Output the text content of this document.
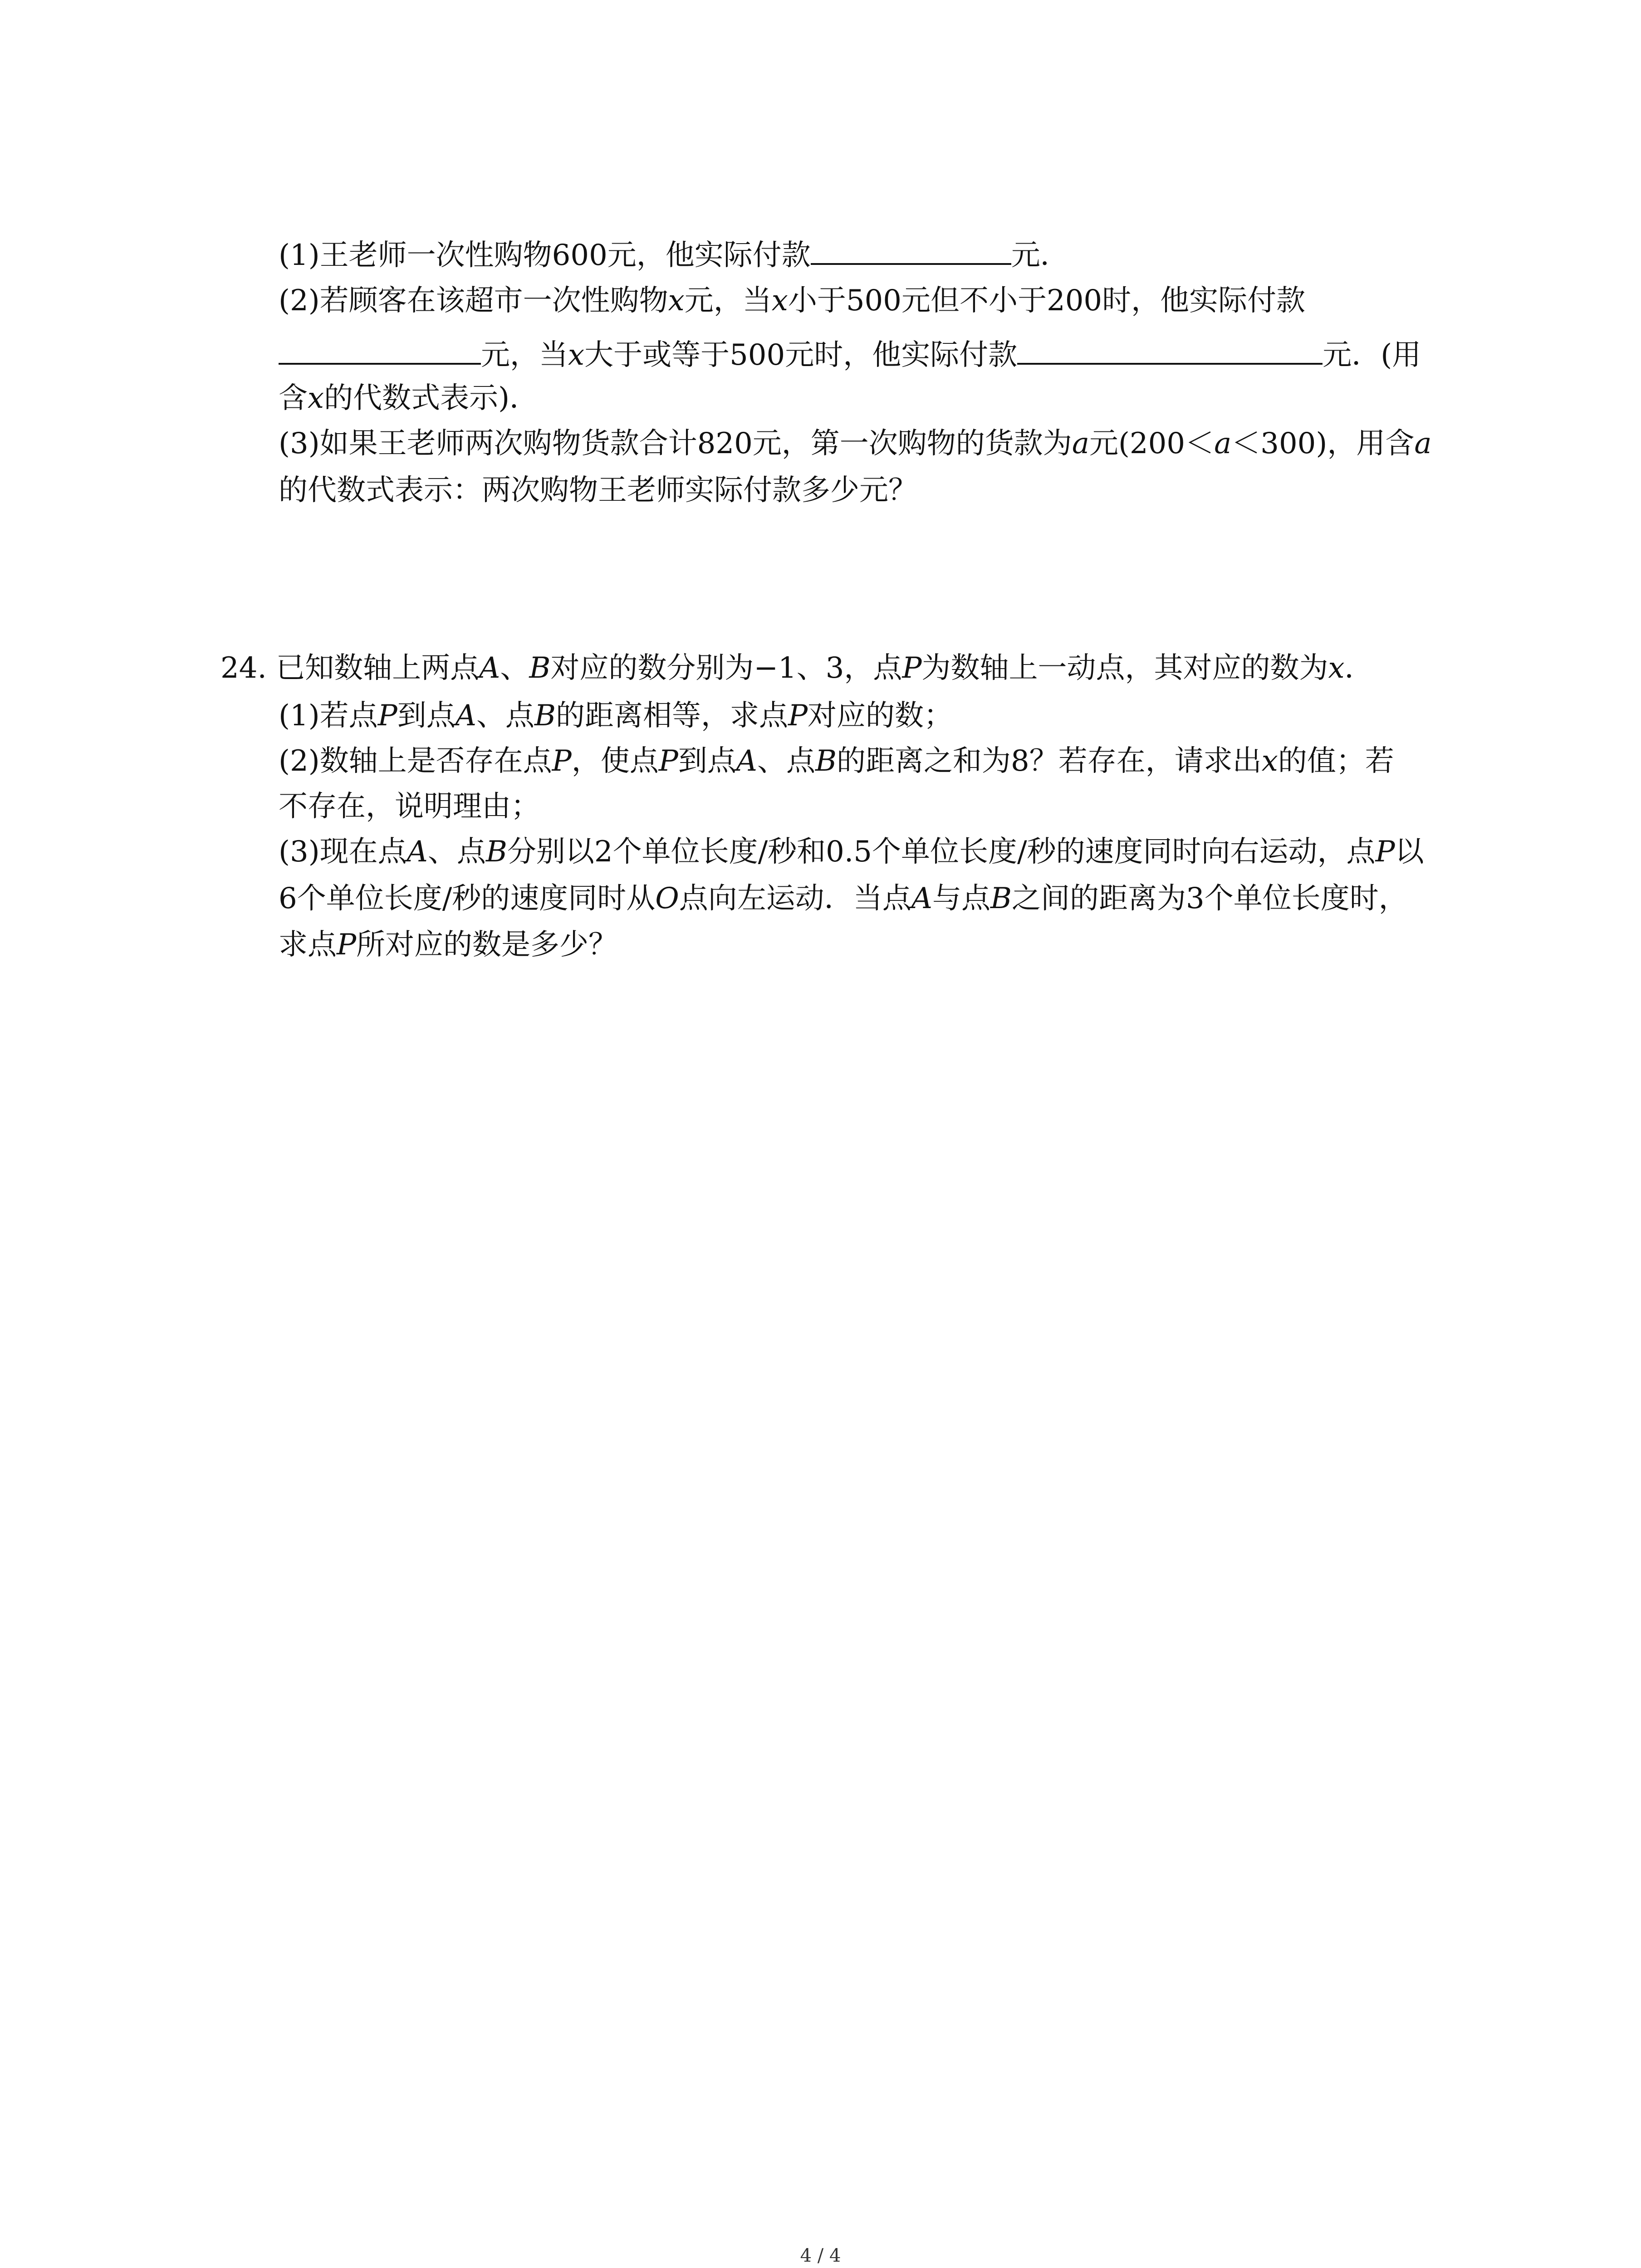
(1)王老师一次性购物600元，他实际付款	元．
(2)若顾客在该超市一次性购物x元，当x小于500元但不小于200时，他实际付款
元，当x大于或等于500元时，他实际付款	元．(用
含x的代数式表示)．
(3)如果王老师两次购物货款合计820元，第一次购物的货款为a元(200＜a＜300)，用含a
的代数式表示：两次购物王老师实际付款多少元？
24. 已知数轴上两点A、B对应的数分别为−1、3，点P为数轴上一动点，其对应的数为x．
(1)若点P到点A、点B的距离相等，求点P对应的数；
(2)数轴上是否存在点P，使点P到点A、点B的距离之和为8？若存在，请求出x的值；若
不存在，说明理由；
(3)现在点A、点B分别以2个单位长度/秒和0.5个单位长度/秒的速度同时向右运动，点P以
6个单位长度/秒的速度同时从O点向左运动．当点A与点B之间的距离为3个单位长度时，
求点P所对应的数是多少？
4 / 4
